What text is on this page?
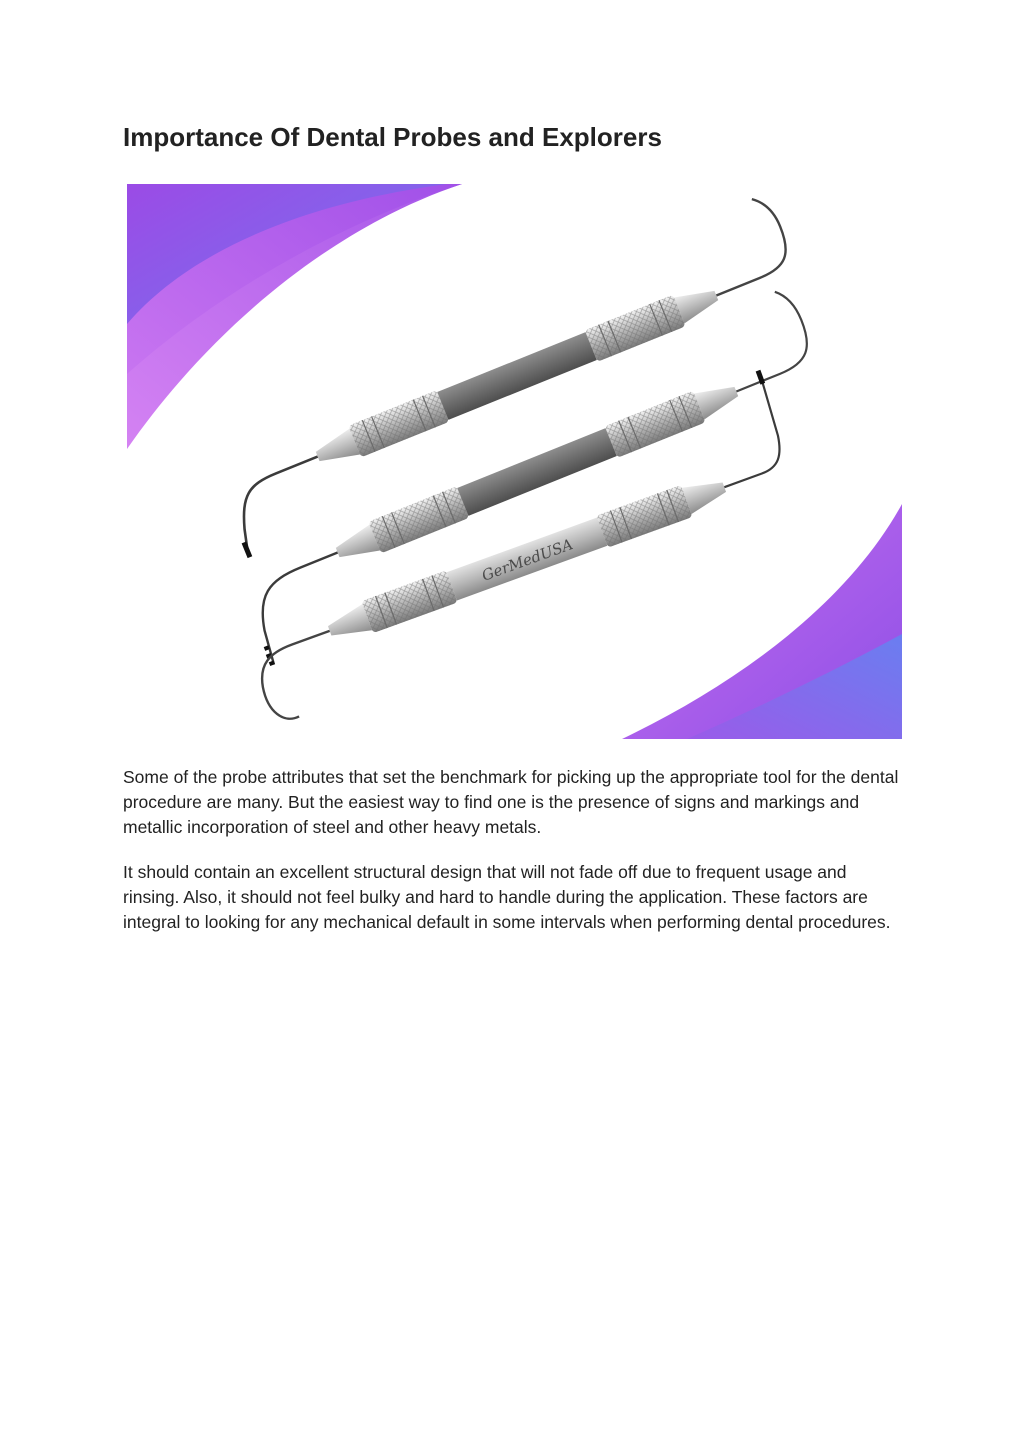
Importance Of Dental Probes and Explorers
GerMedUSA

Some of the probe attributes that set the benchmark for picking up the appropriate tool for the dental procedure are many. But the easiest way to find one is the presence of signs and markings and metallic incorporation of steel and other heavy metals.

It should contain an excellent structural design that will not fade off due to frequent usage and rinsing. Also, it should not feel bulky and hard to handle during the application. These factors are integral to looking for any mechanical default in some intervals when performing dental procedures.
